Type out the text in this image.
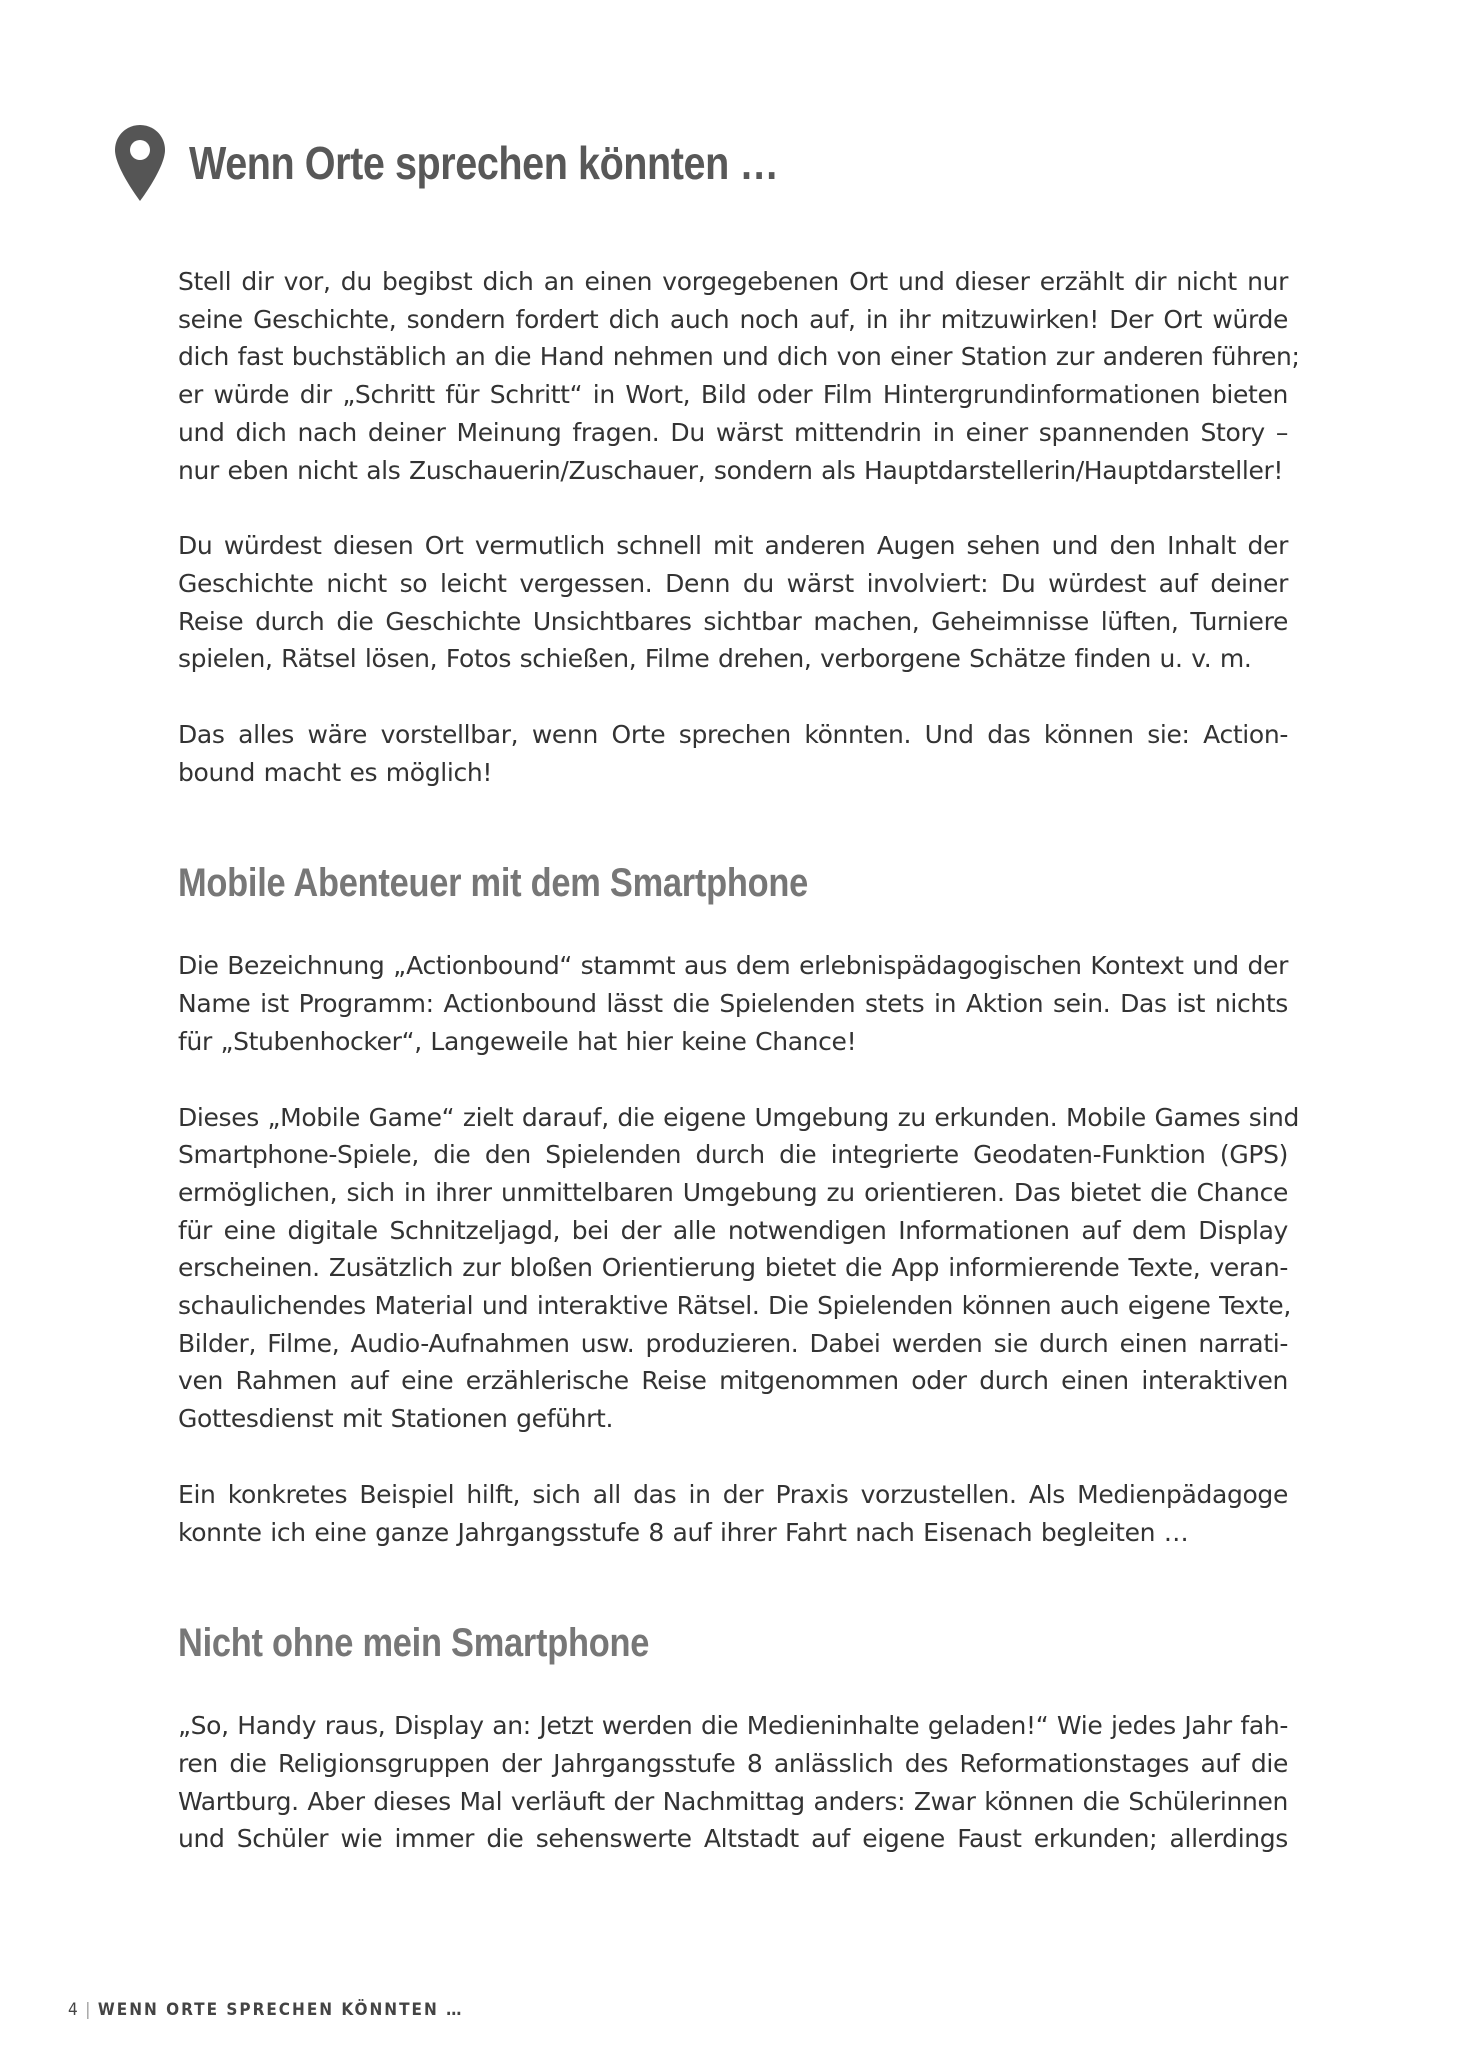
Wenn Orte sprechen könnten …
Stell dir vor, du begibst dich an einen vorgegebenen Ort und dieser erzählt dir nicht nur
seine Geschichte, sondern fordert dich auch noch auf, in ihr mitzuwirken! Der Ort würde
dich fast buchstäblich an die Hand nehmen und dich von einer Station zur anderen führen;
er würde dir „Schritt für Schritt“ in Wort, Bild oder Film Hintergrundinformationen bieten
und dich nach deiner Meinung fragen. Du wärst mittendrin in einer spannenden Story –
nur eben nicht als Zuschauerin/Zuschauer, sondern als Hauptdarstellerin/Hauptdarsteller!
Du würdest diesen Ort vermutlich schnell mit anderen Augen sehen und den Inhalt der
Geschichte nicht so leicht vergessen. Denn du wärst involviert: Du würdest auf deiner
Reise durch die Geschichte Unsichtbares sichtbar machen, Geheimnisse lüften, Turniere
spielen, Rätsel lösen, Fotos schießen, Filme drehen, verborgene Schätze finden u. v. m.
Das alles wäre vorstellbar, wenn Orte sprechen könnten. Und das können sie: Action-
bound macht es möglich!
Mobile Abenteuer mit dem Smartphone
Die Bezeichnung „Actionbound“ stammt aus dem erlebnispädagogischen Kontext und der
Name ist Programm: Actionbound lässt die Spielenden stets in Aktion sein. Das ist nichts
für „Stubenhocker“, Langeweile hat hier keine Chance!
Dieses „Mobile Game“ zielt darauf, die eigene Umgebung zu erkunden. Mobile Games sind
Smartphone-Spiele, die den Spielenden durch die integrierte Geodaten-Funktion (GPS)
ermöglichen, sich in ihrer unmittelbaren Umgebung zu orientieren. Das bietet die Chance
für eine digitale Schnitzeljagd, bei der alle notwendigen Informationen auf dem Display
erscheinen. Zusätzlich zur bloßen Orientierung bietet die App informierende Texte, veran-
schaulichendes Material und interaktive Rätsel. Die Spielenden können auch eigene Texte,
Bilder, Filme, Audio-Aufnahmen usw. produzieren. Dabei werden sie durch einen narrati-
ven Rahmen auf eine erzählerische Reise mitgenommen oder durch einen interaktiven
Gottesdienst mit Stationen geführt.
Ein konkretes Beispiel hilft, sich all das in der Praxis vorzustellen. Als Medienpädagoge
konnte ich eine ganze Jahrgangsstufe 8 auf ihrer Fahrt nach Eisenach begleiten …
Nicht ohne mein Smartphone
„So, Handy raus, Display an: Jetzt werden die Medieninhalte geladen!“ Wie jedes Jahr fah-
ren die Religionsgruppen der Jahrgangsstufe 8 anlässlich des Reformationstages auf die
Wartburg. Aber dieses Mal verläuft der Nachmittag anders: Zwar können die Schülerinnen
und Schüler wie immer die sehenswerte Altstadt auf eigene Faust erkunden; allerdings
4 | WENN ORTE SPRECHEN KÖNNTEN …
